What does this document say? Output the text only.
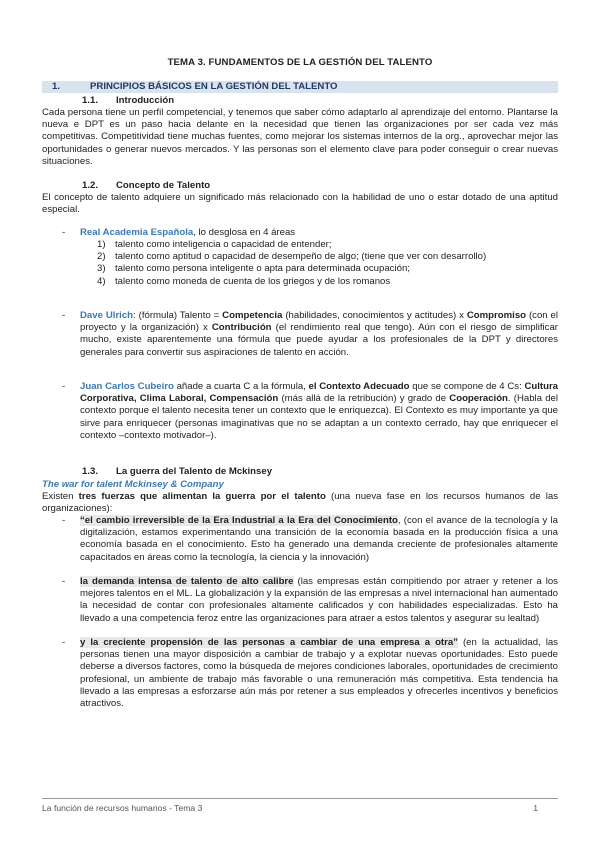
TEMA 3. FUNDAMENTOS DE LA GESTIÓN DEL TALENTO
1.	PRINCIPIOS BÁSICOS EN LA GESTIÓN DEL TALENTO
1.1. Introducción
Cada persona tiene un perfil competencial, y tenemos que saber cómo adaptarlo al aprendizaje del entorno. Plantarse la nueva e DPT es un paso hacia delante en la necesidad que tienen las organizaciones por ser cada vez más competitivas. Competitividad tiene muchas fuentes, como mejorar los sistemas internos de la org., aprovechar mejor las oportunidades o generar nuevos mercados. Y las personas son el elemento clave para poder conseguir o crear nuevas situaciones.
1.2. Concepto de Talento
El concepto de talento adquiere un significado más relacionado con la habilidad de uno o estar dotado de una aptitud especial.
- Real Academia Española, lo desglosa en 4 áreas
1) talento como inteligencia o capacidad de entender;
2) talento como aptitud o capacidad de desempeño de algo; (tiene que ver con desarrollo)
3) talento como persona inteligente o apta para determinada ocupación;
4) talento como moneda de cuenta de los griegos y de los romanos
- Dave Ulrich: (fórmula) Talento = Competencia (habilidades, conocimientos y actitudes) x Compromiso (con el proyecto y la organización) x Contribución (el rendimiento real que tengo). Aún con el riesgo de simplificar mucho, existe aparentemente una fórmula que puede ayudar a los profesionales de la DPT y directores generales para convertir sus aspiraciones de talento en acción.
- Juan Carlos Cubeiro añade a cuarta C a la fórmula, el Contexto Adecuado que se compone de 4 Cs: Cultura Corporativa, Clima Laboral, Compensación (más allá de la retribución) y grado de Cooperación. (Habla del contexto porque el talento necesita tener un contexto que le enriquezca). El Contexto es muy importante ya que sirve para enriquecer (personas imaginativas que no se adaptan a un contexto cerrado, hay que enriquecer el contexto –contexto motivador–).
1.3. La guerra del Talento de Mckinsey
The war for talent Mckinsey & Company
Existen tres fuerzas que alimentan la guerra por el talento (una nueva fase en los recursos humanos de las organizaciones):
- “el cambio irreversible de la Era Industrial a la Era del Conocimiento, (con el avance de la tecnología y la digitalización, estamos experimentando una transición de la economía basada en la producción física a una economía basada en el conocimiento. Esto ha generado una demanda creciente de profesionales altamente capacitados en áreas como la tecnología, la ciencia y la innovación)
- la demanda intensa de talento de alto calibre (las empresas están compitiendo por atraer y retener a los mejores talentos en el ML. La globalización y la expansión de las empresas a nivel internacional han aumentado la necesidad de contar con profesionales altamente calificados y con habilidades especializadas. Esto ha llevado a una competencia feroz entre las organizaciones para atraer a estos talentos y asegurar su lealtad)
- y la creciente propensión de las personas a cambiar de una empresa a otra” (en la actualidad, las personas tienen una mayor disposición a cambiar de trabajo y a explotar nuevas oportunidades. Esto puede deberse a diversos factores, como la búsqueda de mejores condiciones laborales, oportunidades de crecimiento profesional, un ambiente de trabajo más favorable o una remuneración más competitiva. Esta tendencia ha llevado a las empresas a esforzarse aún más por retener a sus empleados y ofrecerles incentivos y beneficios atractivos.
La función de recursos humanos - Tema 3	1
